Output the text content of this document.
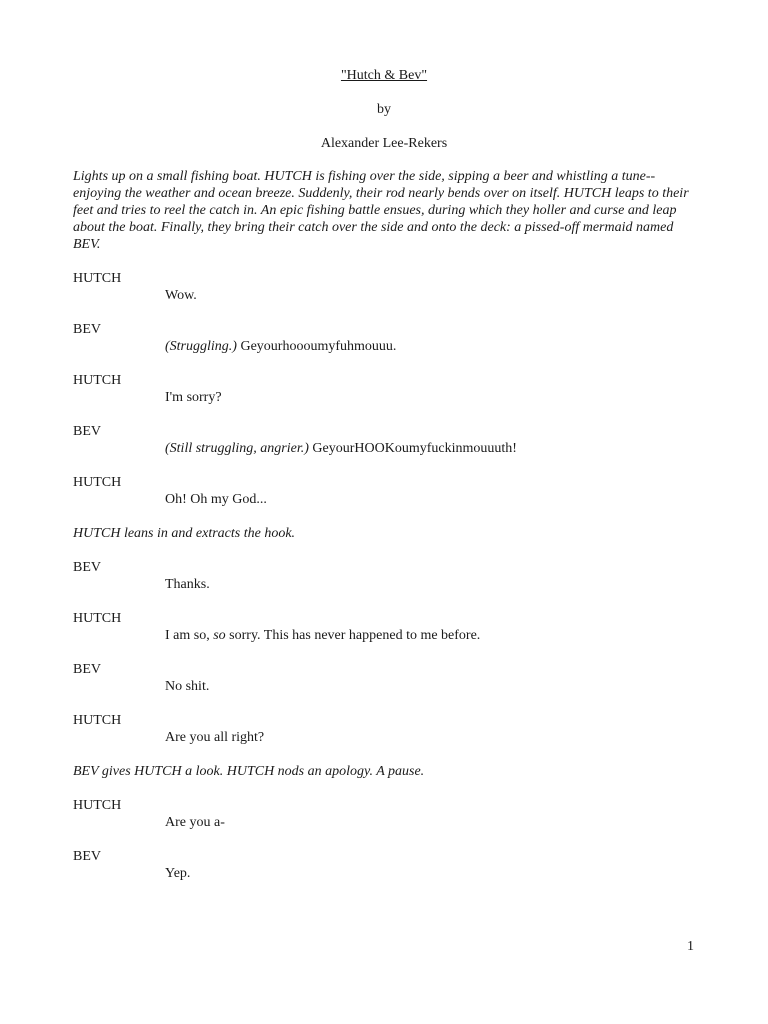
"Hutch & Bev"
by
Alexander Lee-Rekers

Lights up on a small fishing boat. HUTCH is fishing over the side, sipping a beer and whistling a tune--enjoying the weather and ocean breeze. Suddenly, their rod nearly bends over on itself. HUTCH leaps to their feet and tries to reel the catch in. An epic fishing battle ensues, during which they holler and curse and leap about the boat. Finally, they bring their catch over the side and onto the deck: a pissed-off mermaid named BEV.

HUTCH
Wow.
BEV
(Struggling.) Geyourhoooumyfuhmouuu.
HUTCH
I'm sorry?
BEV
(Still struggling, angrier.) GeyourHOOKoumyfuckinmouuuth!
HUTCH
Oh! Oh my God...

HUTCH leans in and extracts the hook.

BEV
Thanks.
HUTCH
I am so, so sorry. This has never happened to me before.
BEV
No shit.
HUTCH
Are you all right?

BEV gives HUTCH a look. HUTCH nods an apology. A pause.

HUTCH
Are you a-
BEV
Yep.
1
